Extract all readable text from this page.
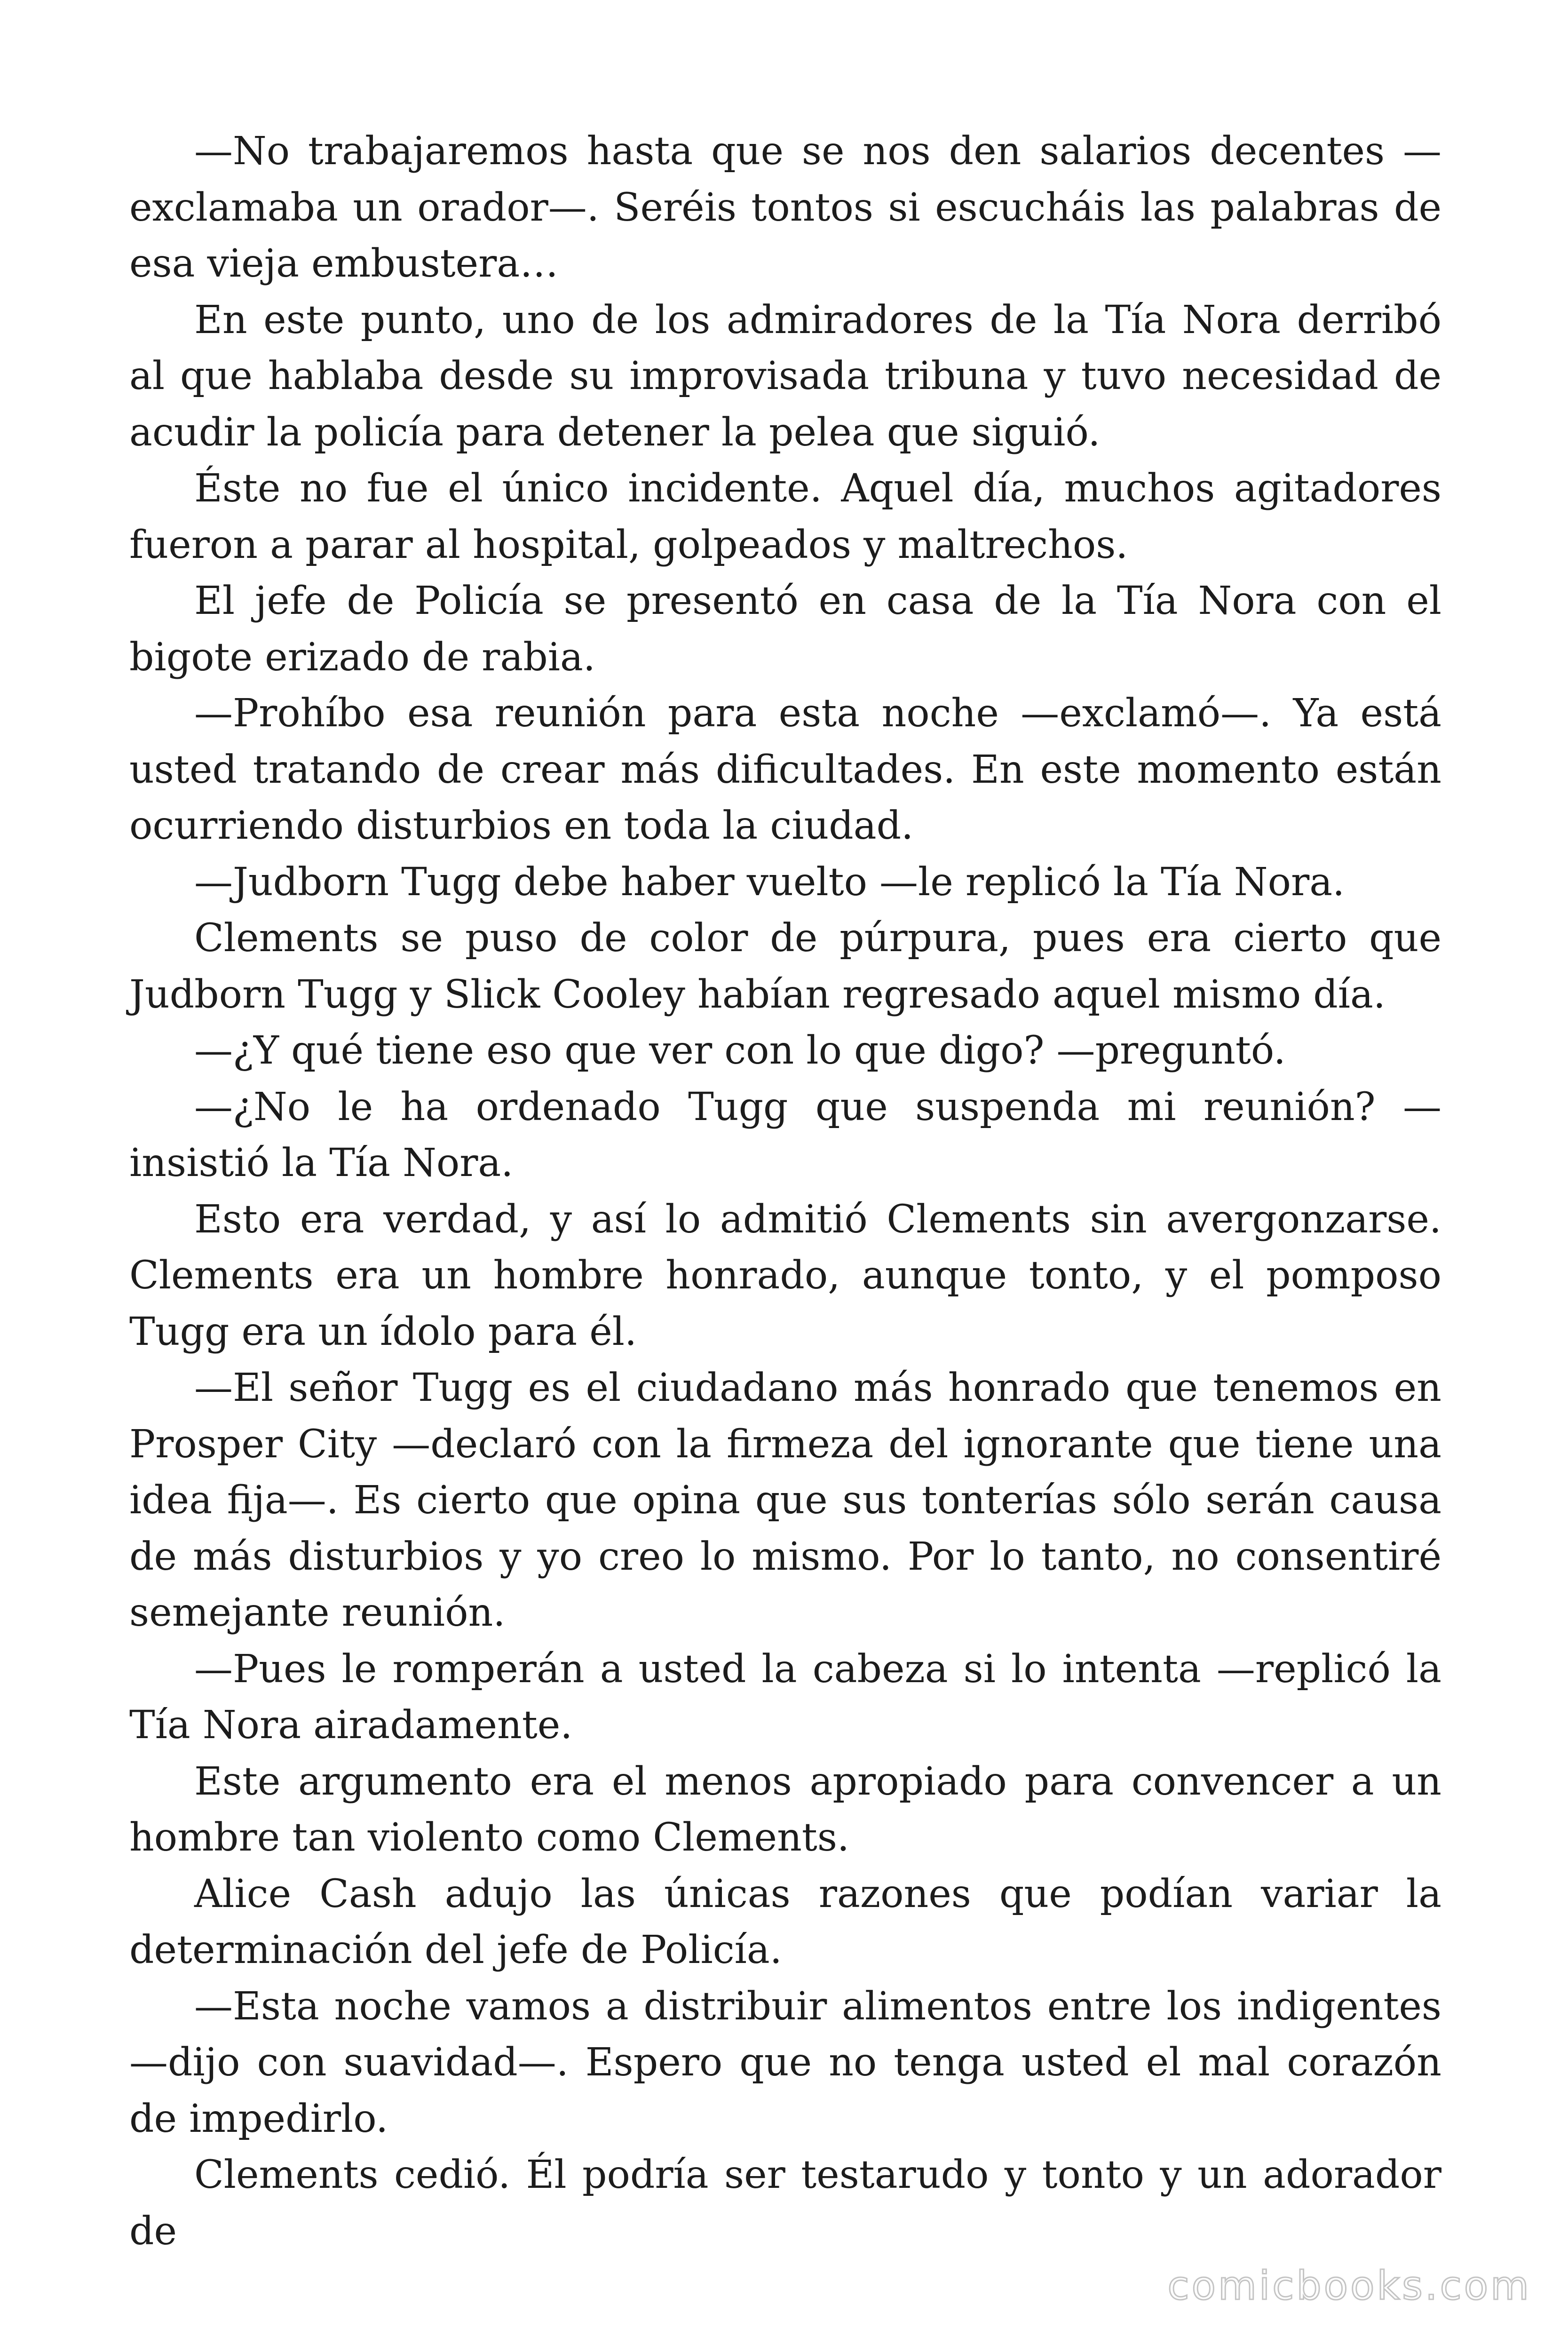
—No trabajaremos hasta que se nos den salarios decentes —exclamaba un orador—. Seréis tontos si escucháis las palabras de esa vieja embustera…

En este punto, uno de los admiradores de la Tía Nora derribó al que hablaba desde su improvisada tribuna y tuvo necesidad de acudir la policía para detener la pelea que siguió.

Éste no fue el único incidente. Aquel día, muchos agitadores fueron a parar al hospital, golpeados y maltrechos.

El jefe de Policía se presentó en casa de la Tía Nora con el bigote erizado de rabia.

—Prohíbo esa reunión para esta noche —exclamó—. Ya está usted tratando de crear más dificultades. En este momento están ocurriendo disturbios en toda la ciudad.

—Judborn Tugg debe haber vuelto —le replicó la Tía Nora.

Clements se puso de color de púrpura, pues era cierto que Judborn Tugg y Slick Cooley habían regresado aquel mismo día.

—¿Y qué tiene eso que ver con lo que digo? —preguntó.

—¿No le ha ordenado Tugg que suspenda mi reunión? —insistió la Tía Nora.

Esto era verdad, y así lo admitió Clements sin avergonzarse. Clements era un hombre honrado, aunque tonto, y el pomposo Tugg era un ídolo para él.

—El señor Tugg es el ciudadano más honrado que tenemos en Prosper City —declaró con la firmeza del ignorante que tiene una idea fija—. Es cierto que opina que sus tonterías sólo serán causa de más disturbios y yo creo lo mismo. Por lo tanto, no consentiré semejante reunión.

—Pues le romperán a usted la cabeza si lo intenta —replicó la Tía Nora airadamente.

Este argumento era el menos apropiado para convencer a un hombre tan violento como Clements.

Alice Cash adujo las únicas razones que podían variar la determinación del jefe de Policía.

—Esta noche vamos a distribuir alimentos entre los indigentes —dijo con suavidad—. Espero que no tenga usted el mal corazón de impedirlo.

Clements cedió. Él podría ser testarudo y tonto y un adorador de

comicbooks.com
